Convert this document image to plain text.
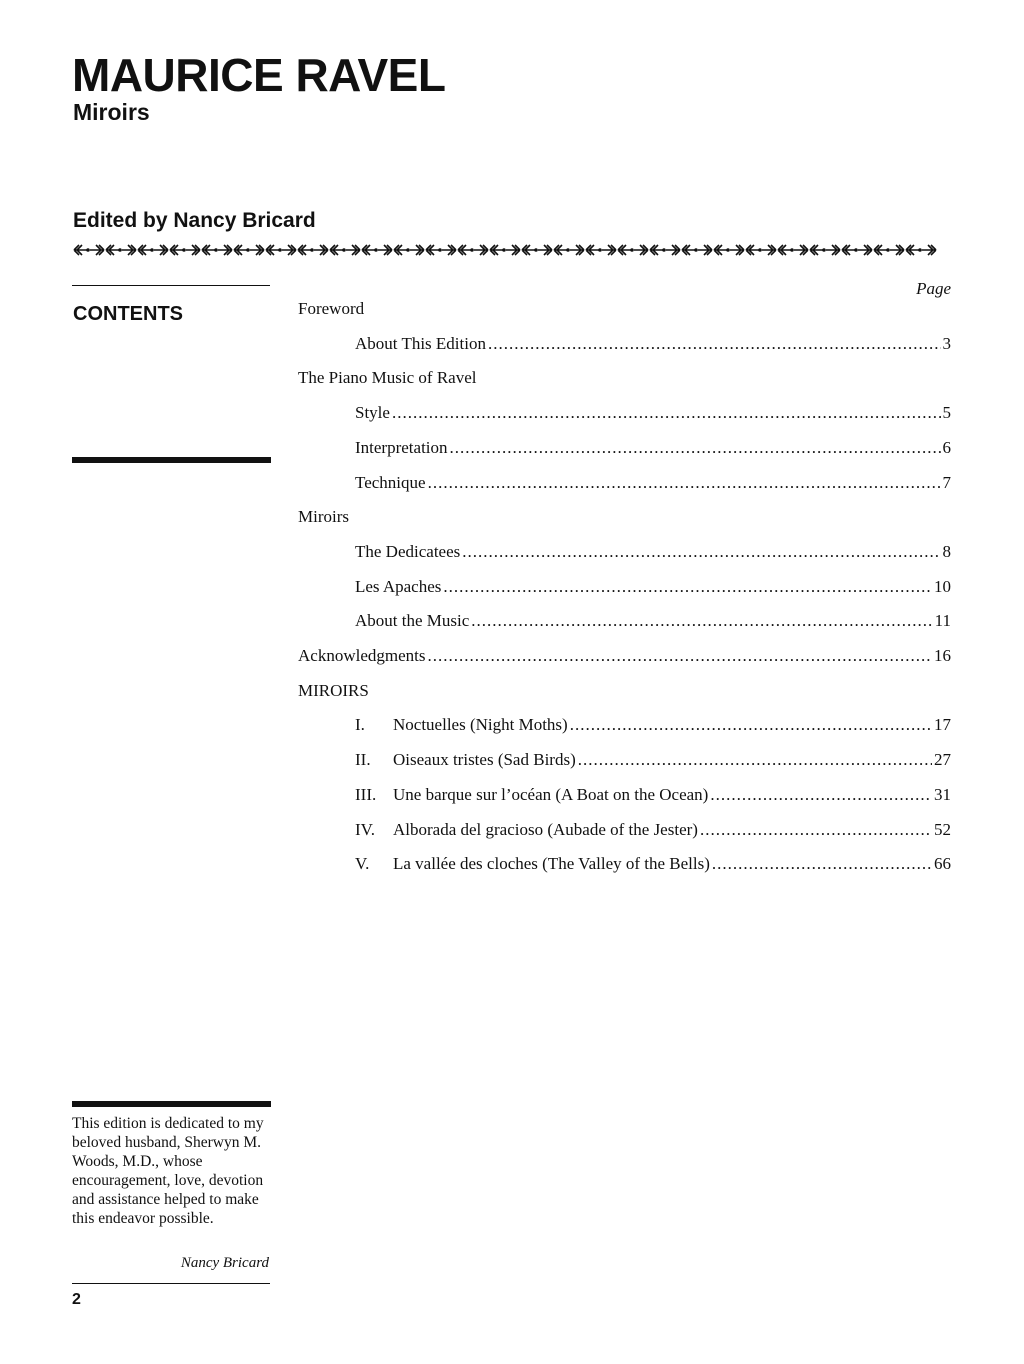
MAURICE RAVEL
Miroirs
Edited by Nancy Bricard
CONTENTS
Page
Foreword
About This Edition .....	3
The Piano Music of Ravel
Style .....	5
Interpretation .....	6
Technique .....	7
Miroirs
The Dedicatees .....	8
Les Apaches .....	10
About the Music .....	11
Acknowledgments .....	16
MIROIRS
I.	Noctuelles (Night Moths) .....	17
II.	Oiseaux tristes (Sad Birds) .....	27
III. Une barque sur l’océan (A Boat on the Ocean) .....	31
IV.	Alborada del gracioso (Aubade of the Jester) .....	52
V.	La vallée des cloches (The Valley of the Bells) .....	66

This edition is dedicated to my beloved husband, Sherwyn M. Woods, M.D., whose encouragement, love, devotion and assistance helped to make this endeavor possible.

Nancy Bricard
2
